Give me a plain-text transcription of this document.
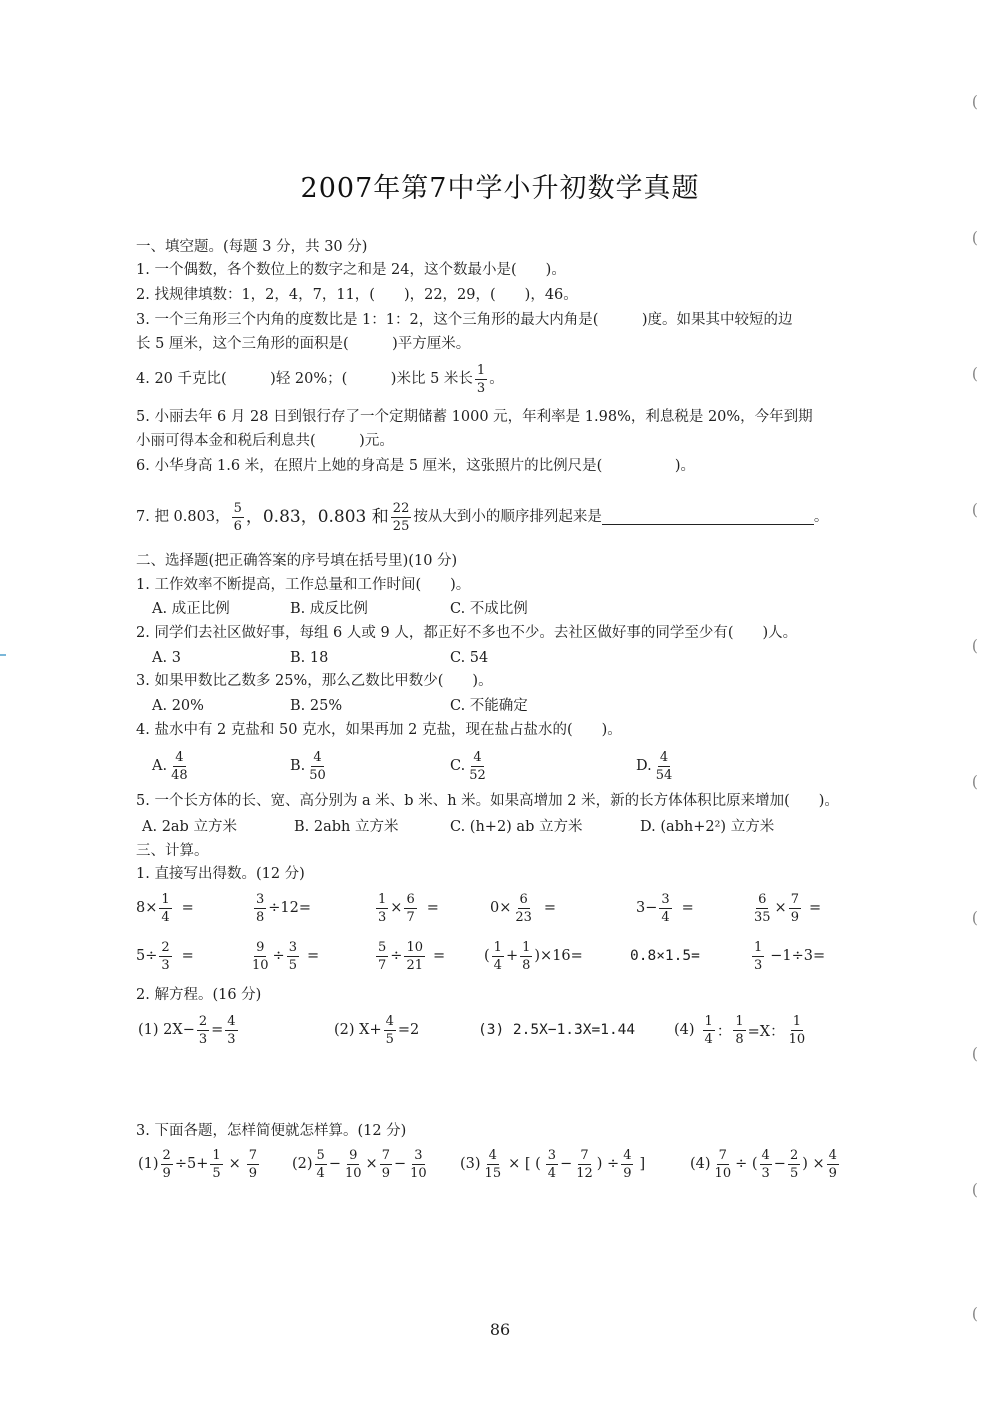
2007年第7中学小升初数学真题
一、填空题。(每题 3 分，共 30 分)
1. 一个偶数，各个数位上的数字之和是 24，这个数最小是(　　)。
2. 找规律填数：1，2，4，7，11，(　　)，22，29，(　　)，46。
3. 一个三角形三个内角的度数比是 1：1：2，这个三角形的最大内角是(　　　)度。如果其中较短的边
长 5 厘米，这个三角形的面积是(　　　)平方厘米。
4. 20 千克比(　　　)轻 20%；(　　　)米比 5 米长 $\frac{1}{3}$ 。
5. 小丽去年 6 月 28 日到银行存了一个定期储蓄 1000 元，年利率是 1.98%，利息税是 20%，今年到期
小丽可得本金和税后利息共(　　　)元。
6. 小华身高 1.6 米，在照片上她的身高是 5 厘米，这张照片的比例尺是(　　　　　)。
7. 把 0.803， $\frac{5}{6}$ ，0.83，0.803 和 $\frac{22}{25}$ 按从大到小的顺序排列起来是	。
二、选择题(把正确答案的序号填在括号里)(10 分)
1. 工作效率不断提高，工作总量和工作时间(　　)。
A. 成正比例	B. 成反比例	C. 不成比例
2. 同学们去社区做好事，每组 6 人或 9 人，都正好不多也不少。去社区做好事的同学至少有(　　)人。
A. 3	B. 18	C. 54
3. 如果甲数比乙数多 25%，那么乙数比甲数少(　　)。
A. 20%	B. 25%	C. 不能确定
4. 盐水中有 2 克盐和 50 克水，如果再加 2 克盐，现在盐占盐水的(　　)。
A. $\frac{4}{48}$	B. $\frac{4}{50}$	C. $\frac{4}{52}$	D. $\frac{4}{54}$
5. 一个长方体的长、宽、高分别为 a 米、b 米、h 米。如果高增加 2 米，新的长方体体积比原来增加(　　)。
A. 2ab 立方米	B. 2abh 立方米	C. (h+2) ab 立方米	D. (abh+2²) 立方米
三、计算。
1. 直接写出得数。(12 分)
$8\times \frac{1}{4}$ =	$\frac{3}{8} \div 12=$	$\frac{1}{3} \times \frac{6}{7}$ =	$0\times \frac{6}{23}$ =	$3- \frac{3}{4}$ =	$\frac{6}{35} \times \frac{7}{9}$ =
$5\div \frac{2}{3}$ =	$\frac{9}{10} \div \frac{3}{5}$ =	$\frac{5}{7} \div \frac{10}{21}$ =	( $\frac{1}{4} + \frac{1}{8} )\times 16=$	0.8×1.5=	$\frac{1}{3} -1\div 3=$
2. 解方程。(16 分)
(1) $2X- \frac{2}{3} = \frac{4}{3}$	(2) $X+ \frac{4}{5} =2$	(3) 2.5X−1.3X=1.44	$(4) \frac{1}{4}$ ： $\frac{1}{8} =X$： $\frac{1}{10}$
3. 下面各题，怎样简便就怎样算。(12 分)
$(1) \frac{2}{9} \div 5+ \frac{1}{5} \times \frac{7}{9} (2) \frac{5}{4} - \frac{9}{10} \times \frac{7}{9} - \frac{3}{10} (3) \frac{4}{15}$ × [ ( $\frac{3}{4} - \frac{7}{12}$ ) ÷ $\frac{4}{9}$ ]	$(4) \frac{7}{10}$ ÷ ( $\frac{4}{3} - \frac{2}{5}$ ) × $\frac{4}{9}$
(
(
(
(
(
(
(
(
(
(
86
